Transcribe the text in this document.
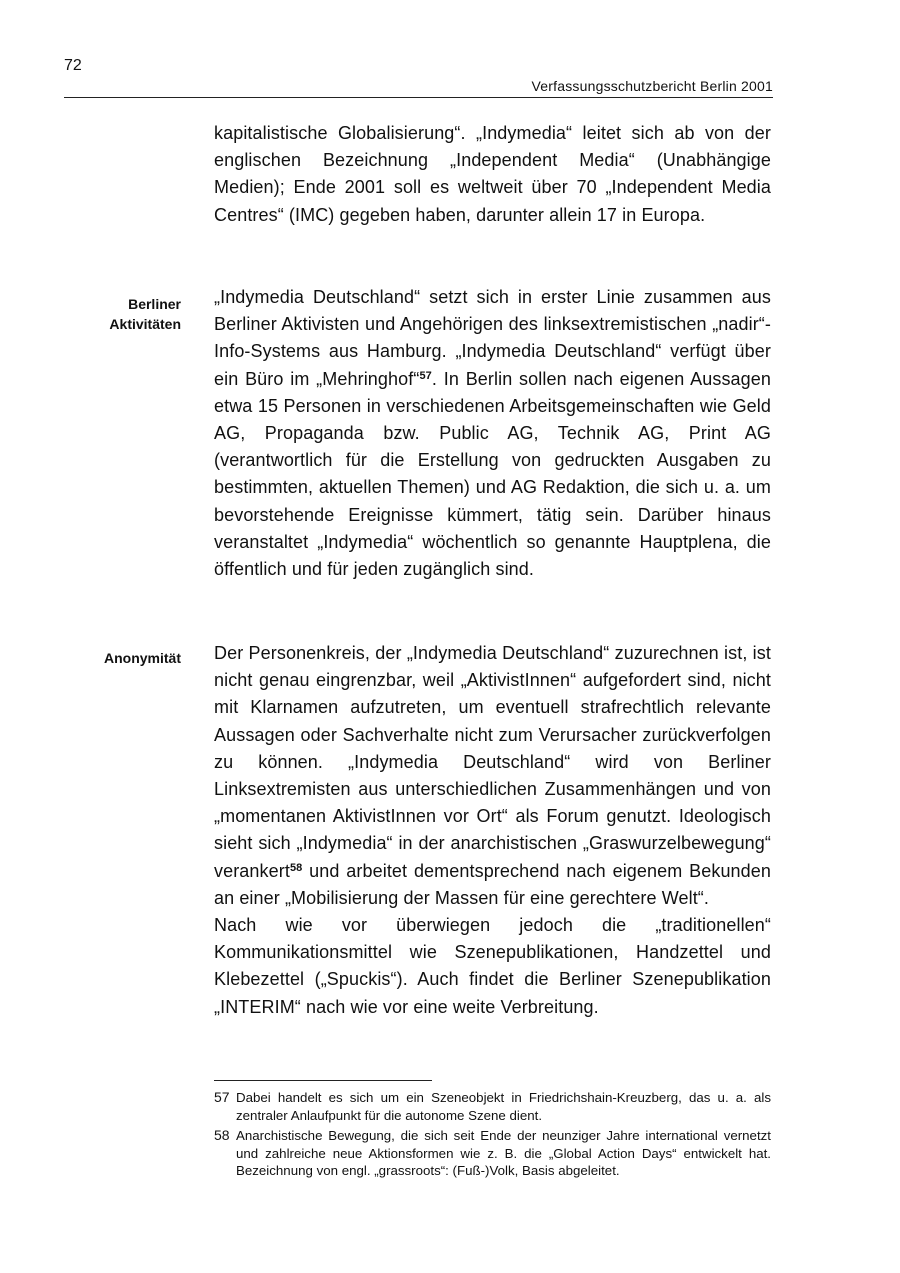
72
Verfassungsschutzbericht Berlin 2001

kapitalistische Globalisierung“. „Indymedia“ leitet sich ab von der englischen Bezeichnung „Independent Media“ (Unabhängige Medien); Ende 2001 soll es weltweit über 70 „Independent Media Centres“ (IMC) gegeben haben, darunter allein 17 in Europa.

Berliner
Aktivitäten

„Indymedia Deutschland“ setzt sich in erster Linie zusammen aus Berliner Aktivisten und Angehörigen des linksextremistischen „nadir“-Info-Systems aus Hamburg. „Indymedia Deutschland“ verfügt über ein Büro im „Mehringhof“$^{57}$. In Berlin sollen nach eigenen Aussagen etwa 15 Personen in verschiedenen Arbeitsgemeinschaften wie Geld AG, Propaganda bzw. Public AG, Technik AG, Print AG (verantwortlich für die Erstellung von gedruckten Ausgaben zu bestimmten, aktuellen Themen) und AG Redaktion, die sich u. a. um bevorstehende Ereignisse kümmert, tätig sein. Darüber hinaus veranstaltet „Indymedia“ wöchentlich so genannte Hauptplena, die öffentlich und für jeden zugänglich sind.

Anonymität Der Personenkreis, der „Indymedia Deutschland“ zuzurechnen ist, ist nicht genau eingrenzbar, weil „AktivistInnen“ aufgefordert sind, nicht mit Klarnamen aufzutreten, um eventuell strafrechtlich relevante Aussagen oder Sachverhalte nicht zum Verursacher zurückverfolgen zu können. „Indymedia Deutschland“ wird von Berliner Linksextremisten aus unterschiedlichen Zusammenhängen und von „momentanen AktivistInnen vor Ort“ als Forum genutzt. Ideologisch sieht sich „Indymedia“ in der anarchistischen „Graswurzelbewegung“ verankert$^{58}$ und arbeitet dementsprechend nach eigenem Bekunden an einer „Mobilisierung der Massen für eine gerechtere Welt“.

Nach wie vor überwiegen jedoch die „traditionellen“ Kommunikationsmittel wie Szenepublikationen, Handzettel und Klebezettel („Spuckis“). Auch findet die Berliner Szenepublikation „INTERIM“ nach wie vor eine weite Verbreitung.

57 Dabei handelt es sich um ein Szeneobjekt in Friedrichshain-Kreuzberg, das u. a. als zentraler Anlaufpunkt für die autonome Szene dient.
58 Anarchistische Bewegung, die sich seit Ende der neunziger Jahre international vernetzt und zahlreiche neue Aktionsformen wie z. B. die „Global Action Days“ entwickelt hat. Bezeichnung von engl. „grassroots“: (Fuß-)Volk, Basis abgeleitet.
